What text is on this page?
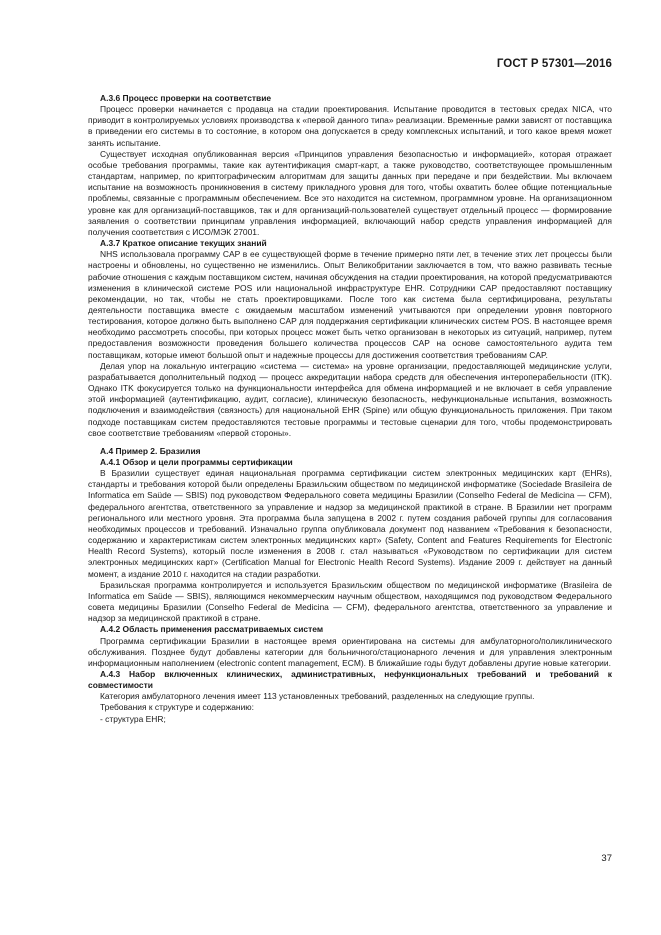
ГОСТ Р 57301—2016
А.3.6 Процесс проверки на соответствие

Процесс проверки начинается с продавца на стадии проектирования. Испытание проводится в тестовых средах NICA, что приводит в контролируемых условиях производства к «первой данного типа» реализации. Временные рамки зависят от поставщика в приведении его системы в то состояние, в котором она допускается в среду комплексных испытаний, и того какое время может занять испытание.

Существует исходная опубликованная версия «Принципов управления безопасностью и информацией», которая отражает особые требования программы, такие как аутентификация смарт-карт, а также руководство, соответствующее промышленным стандартам, например, по криптографическим алгоритмам для защиты данных при передаче и при бездействии. Мы включаем испытание на возможность проникновения в систему прикладного уровня для того, чтобы охватить более общие потенциальные проблемы, связанные с программным обеспечением. Все это находится на системном, программном уровне. На организационном уровне как для организаций-поставщиков, так и для организаций-пользователей существует отдельный процесс — формирование заявления о соответствии принципам управления информацией, включающий набор средств управления информацией для получения соответствия с ИСО/МЭК 27001.

А.3.7 Краткое описание текущих знаний

NHS использовала программу CAP в ее существующей форме в течение примерно пяти лет, в течение этих лет процессы были настроены и обновлены, но существенно не изменились. Опыт Великобритании заключается в том, что важно развивать тесные рабочие отношения с каждым поставщиком систем, начиная обсуждения на стадии проектирования, на которой предусматриваются изменения в клинической системе POS или национальной инфраструктуре EHR. Сотрудники CAP предоставляют поставщику рекомендации, но так, чтобы не стать проектировщиками. После того как система была сертифицирована, результаты деятельности поставщика вместе с ожидаемым масштабом изменений учитываются при определении уровня повторного тестирования, которое должно быть выполнено CAP для поддержания сертификации клинических систем POS. В настоящее время необходимо рассмотреть способы, при которых процесс может быть четко организован в некоторых из ситуаций, например, путем предоставления возможности проведения большего количества процессов CAP на основе самостоятельного аудита тем поставщикам, которые имеют большой опыт и надежные процессы для достижения соответствия требованиям CAP.

Делая упор на локальную интеграцию «система — система» на уровне организации, предоставляющей медицинские услуги, разрабатывается дополнительный подход — процесс аккредитации набора средств для обеспечения интероперабельности (ITK). Однако ITK фокусируется только на функциональности интерфейса для обмена информацией и не включает в себя управление этой информацией (аутентификацию, аудит, согласие), клиническую безопасность, нефункциональные испытания, возможность подключения и взаимодействия (связность) для национальной EHR (Spine) или общую функциональность приложения. При таком подходе поставщикам систем предоставляются тестовые программы и тестовые сценарии для того, чтобы продемонстрировать свое соответствие требованиям «первой стороны».

А.4 Пример 2. Бразилия
А.4.1 Обзор и цели программы сертификации

В Бразилии существует единая национальная программа сертификации систем электронных медицинских карт (EHRs), стандарты и требования которой были определены Бразильским обществом по медицинской информатике (Sociedade Brasileira de Informatica em Saüde — SBIS) под руководством Федерального совета медицины Бразилии (Conselho Federal de Medicina — CFM), федерального агентства, ответственного за управление и надзор за медицинской практикой в стране. В Бразилии нет программ регионального или местного уровня. Эта программа была запущена в 2002 г. путем создания рабочей группы для согласования необходимых процессов и требований. Изначально группа опубликовала документ под названием «Требования к безопасности, содержанию и характеристикам систем электронных медицинских карт» (Safety, Content and Features Requirements for Electronic Health Record Systems), который после изменения в 2008 г. стал называться «Руководством по сертификации для систем электронных медицинских карт» (Certification Manual for Electronic Health Record Systems). Издание 2009 г. действует на данный момент, а издание 2010 г. находится на стадии разработки.

Бразильская программа контролируется и используется Бразильским обществом по медицинской информатике (Brasileira de Informatica em Saüde — SBIS), являющимся некоммерческим научным обществом, находящимся под руководством Федерального совета медицины Бразилии (Conselho Federal de Medicina — CFM), федерального агентства, ответственного за управление и надзор за медицинской практикой в стране.

А.4.2 Область применения рассматриваемых систем

Программа сертификации Бразилии в настоящее время ориентирована на системы для амбулаторного/поликлинического обслуживания. Позднее будут добавлены категории для больничного/стационарного лечения и для управления электронным информационным наполнением (electronic content management, ECM). В ближайшие годы будут добавлены другие новые категории.

А.4.3 Набор включенных клинических, административных, нефункциональных требований и требований к совместимости

Категория амбулаторного лечения имеет 113 установленных требований, разделенных на следующие группы.

Требования к структуре и содержанию:

- структура EHR;

37
